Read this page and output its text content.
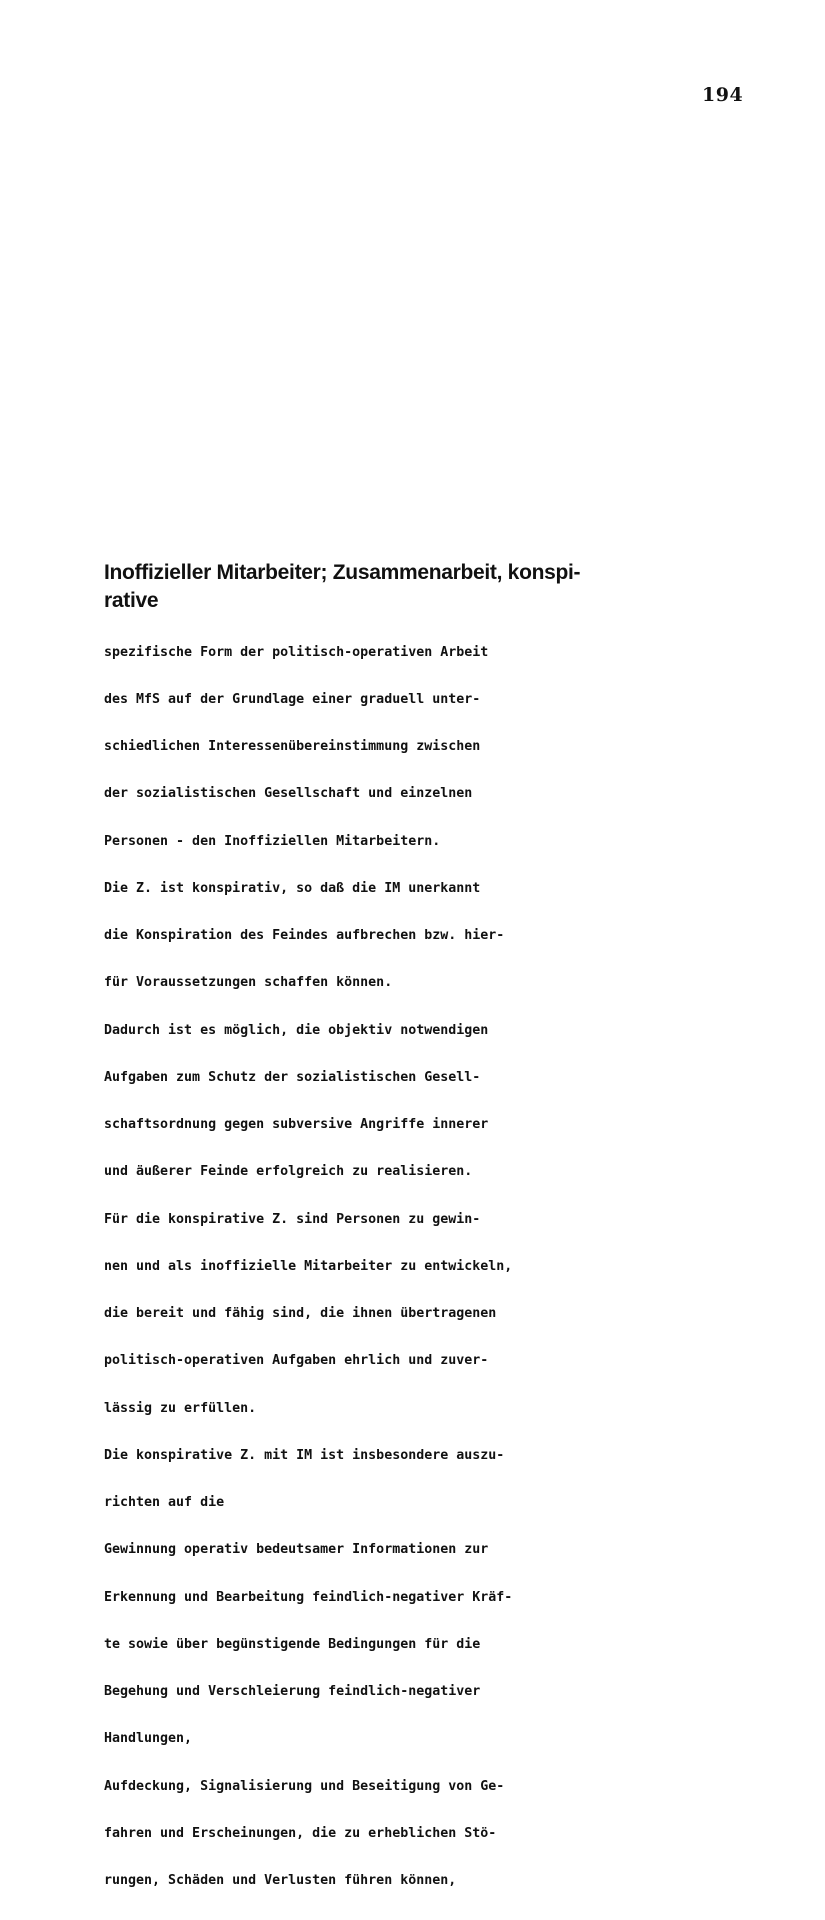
194
Inoffizieller Mitarbeiter; Zusammenarbeit, konspi-
rative

spezifische Form der politisch-operativen Arbeit

des MfS auf der Grundlage einer graduell unter-

schiedlichen Interessenübereinstimmung zwischen

der sozialistischen Gesellschaft und einzelnen

Personen - den Inoffiziellen Mitarbeitern.

Die Z. ist konspirativ, so daß die IM unerkannt

die Konspiration des Feindes aufbrechen bzw. hier-

für Voraussetzungen schaffen können.

Dadurch ist es möglich, die objektiv notwendigen

Aufgaben zum Schutz der sozialistischen Gesell-

schaftsordnung gegen subversive Angriffe innerer

und äußerer Feinde erfolgreich zu realisieren.

Für die konspirative Z. sind Personen zu gewin-

nen und als inoffizielle Mitarbeiter zu entwickeln,

die bereit und fähig sind, die ihnen übertragenen

politisch-operativen Aufgaben ehrlich und zuver-

lässig zu erfüllen.

Die konspirative Z. mit IM ist insbesondere auszu-

richten auf die

Gewinnung operativ bedeutsamer Informationen zur

Erkennung und Bearbeitung feindlich-negativer Kräf-

te sowie über begünstigende Bedingungen für die

Begehung und Verschleierung feindlich-negativer

Handlungen,

Aufdeckung, Signalisierung und Beseitigung von Ge-

fahren und Erscheinungen, die zu erheblichen Stö-

rungen, Schäden und Verlusten führen können,
